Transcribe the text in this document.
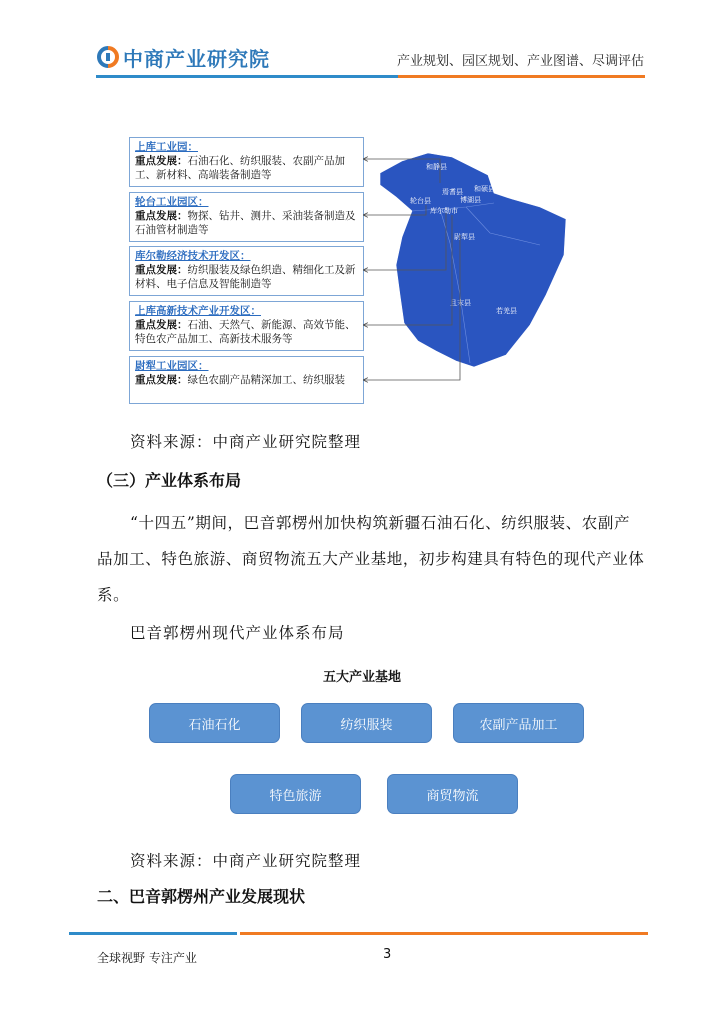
中商产业研究院	产业规划、园区规划、产业图谱、尽调评估
上库工业园：
重点发展：石油石化、纺织服装、农副产品加工、新材料、高端装备制造等
轮台工业园区：
重点发展：物探、钻井、测井、采油装备制造及石油管材制造等
库尔勒经济技术开发区：
重点发展：纺织服装及绿色织造、精细化工及新材料、电子信息及智能制造等
上库高新技术产业开发区：
重点发展：石油、天然气、新能源、高效节能、特色农产品加工、高新技术服务等
尉犁工业园区：
重点发展：绿色农副产品精深加工、纺织服装
和静县
焉耆县 和硕县
博湖县
轮台县
库尔勒市
尉犁县
且末县
若羌县
资料来源：中商产业研究院整理
（三）产业体系布局
“十四五”期间，巴音郭楞州加快构筑新疆石油石化、纺织服装、农副产品加工、特色旅游、商贸物流五大产业基地，初步构建具有特色的现代产业体系。
巴音郭楞州现代产业体系布局
五大产业基地
石油石化	纺织服装	农副产品加工
特色旅游	商贸物流
资料来源：中商产业研究院整理
二、巴音郭楞州产业发展现状
全球视野 专注产业	3
